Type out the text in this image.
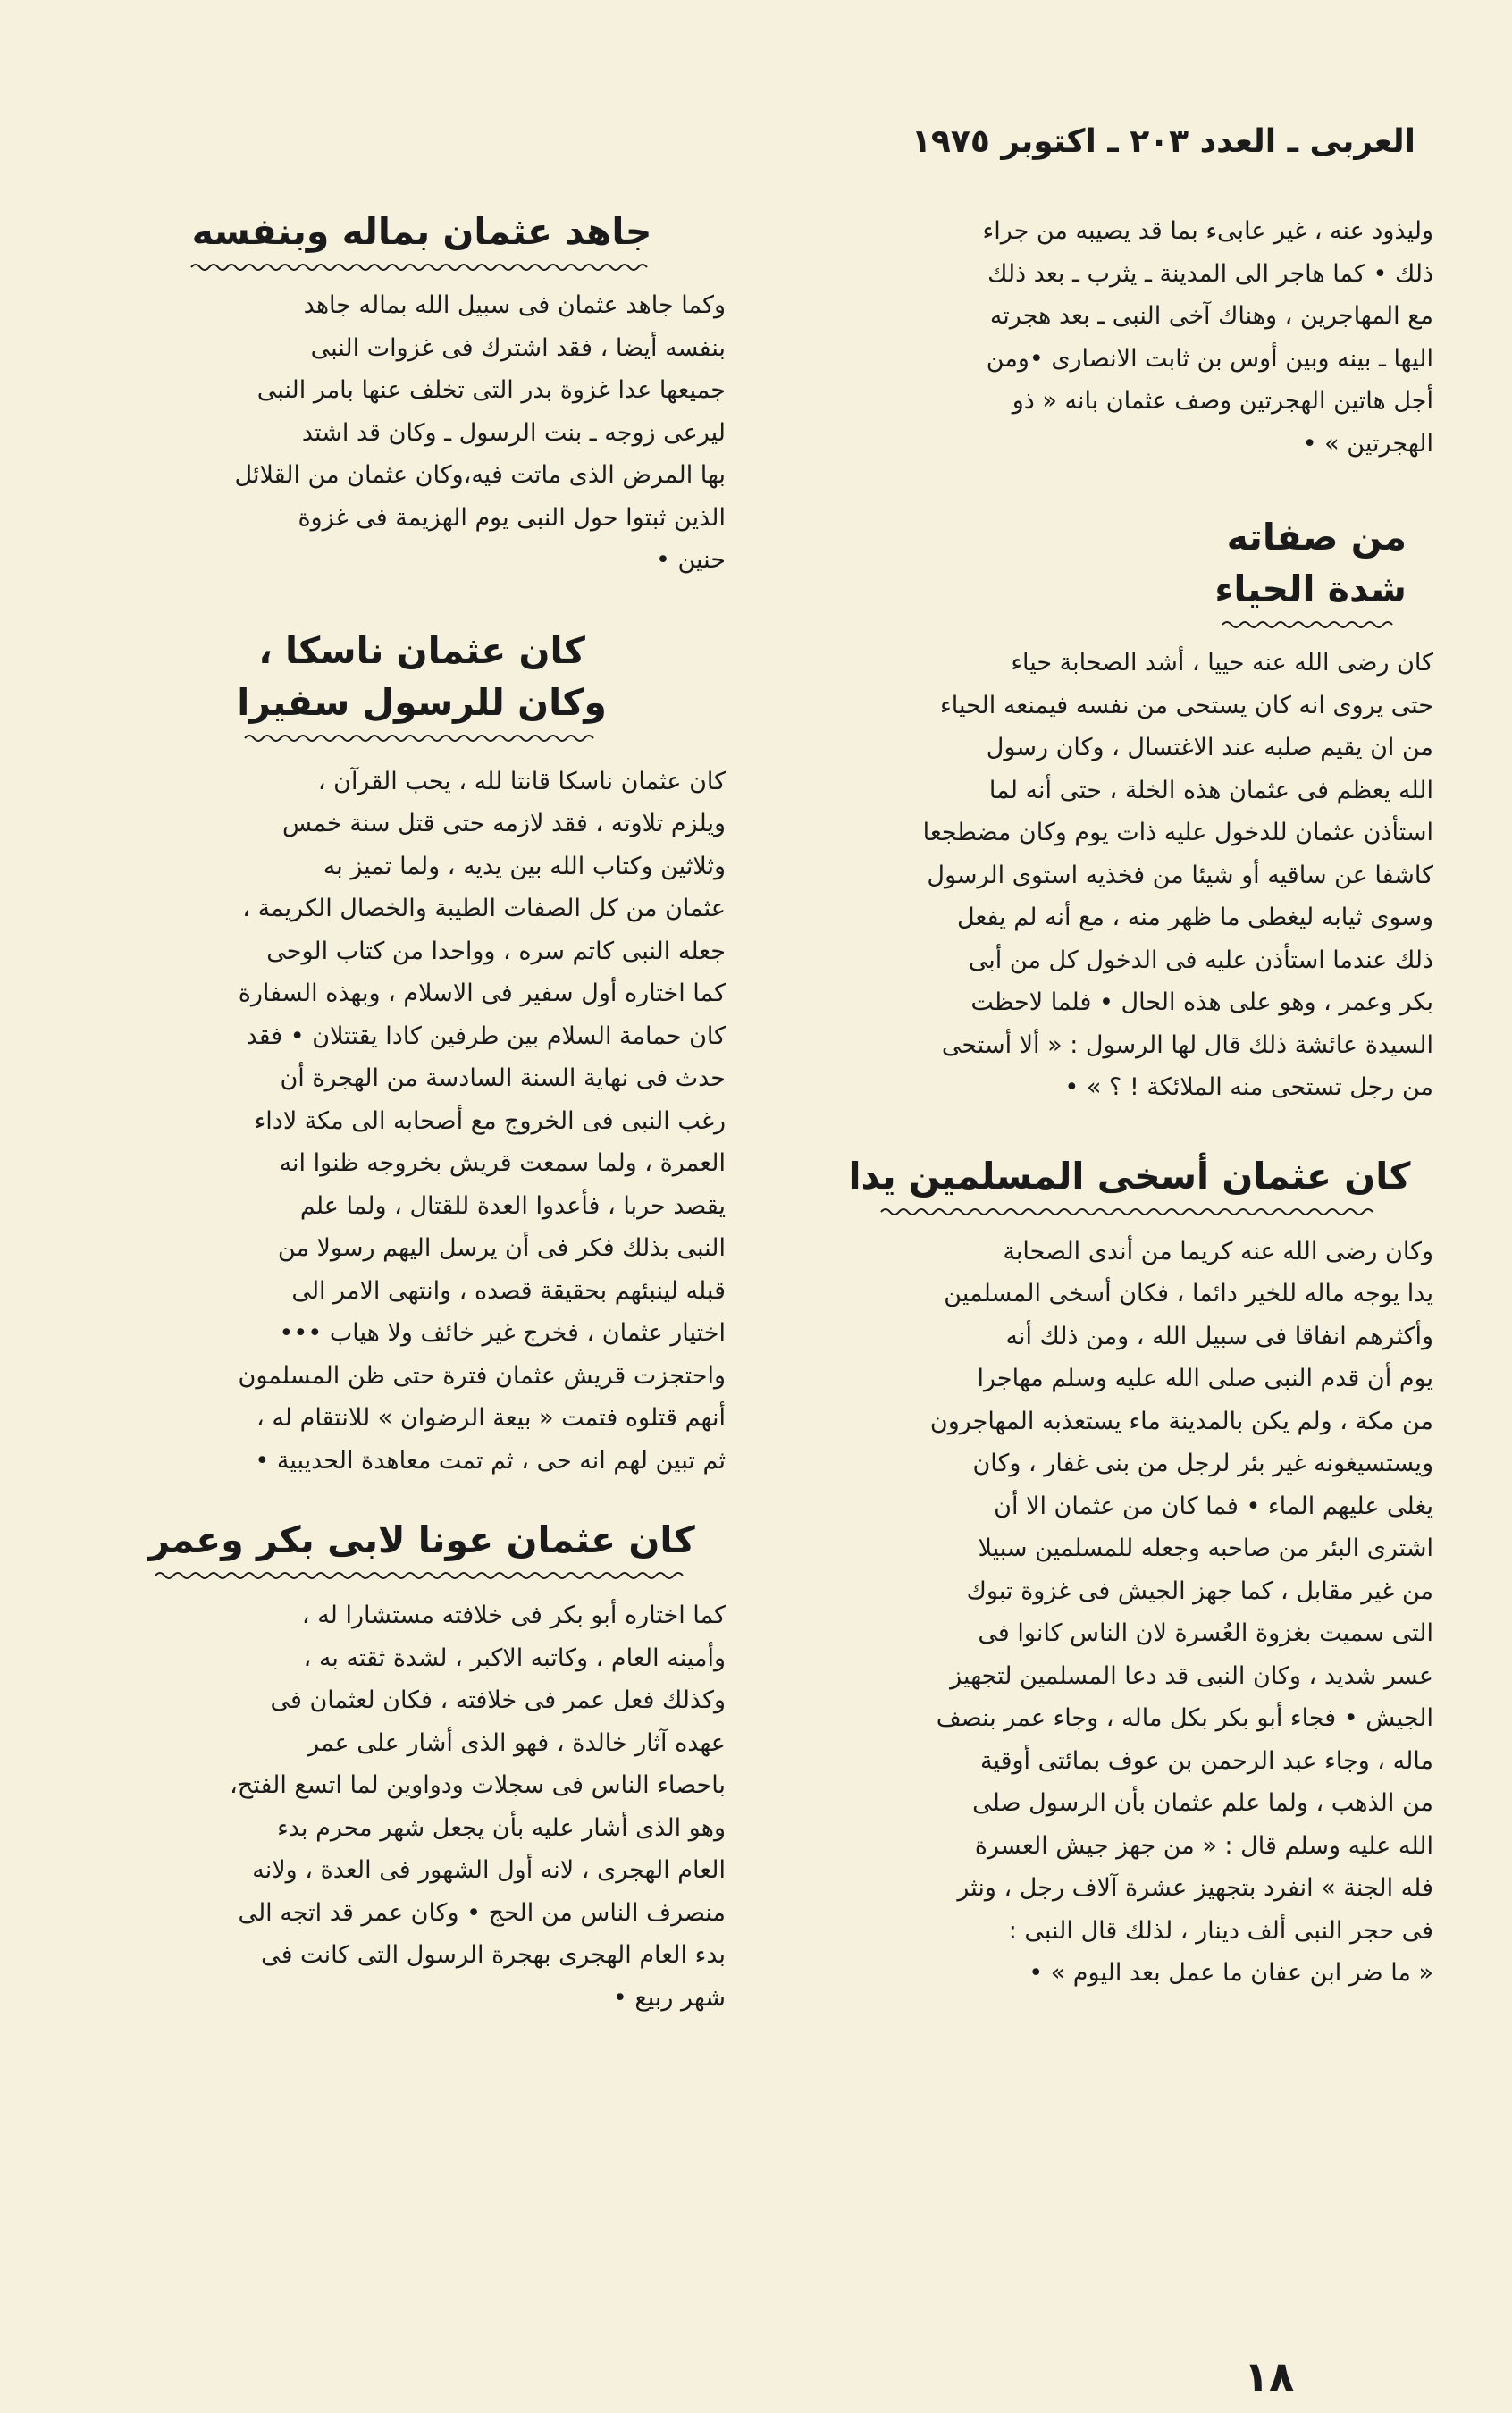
العربى ـ العدد ٢٠٣ ـ اكتوبر ١٩٧٥

وليذود عنه ، غير عابىء بما قد يصيبه من جراء
ذلك • كما هاجر الى المدينة ـ يثرب ـ بعد ذلك
مع المهاجرين ، وهناك آخى النبى ـ بعد هجرته
اليها ـ بينه وبين أوس بن ثابت الانصارى •ومن
أجل هاتين الهجرتين وصف عثمان بانه « ذو
الهجرتين » •

من صفاته
شدة الحياء

كان رضى الله عنه حييا ، أشد الصحابة حياء
حتى يروى انه كان يستحى من نفسه فيمنعه الحياء
من ان يقيم صلبه عند الاغتسال ، وكان رسول
الله يعظم فى عثمان هذه الخلة ، حتى أنه لما
استأذن عثمان للدخول عليه ذات يوم وكان مضطجعا
كاشفا عن ساقيه أو شيئا من فخذيه استوى الرسول
وسوى ثيابه ليغطى ما ظهر منه ، مع أنه لم يفعل
ذلك عندما استأذن عليه فى الدخول كل من أبى
بكر وعمر ، وهو على هذه الحال • فلما لاحظت
السيدة عائشة ذلك قال لها الرسول : « ألا أستحى
من رجل تستحى منه الملائكة ! ؟ » •

كان عثمان أسخى المسلمين يدا

وكان رضى الله عنه كريما من أندى الصحابة
يدا يوجه ماله للخير دائما ، فكان أسخى المسلمين
وأكثرهم انفاقا فى سبيل الله ، ومن ذلك أنه
يوم أن قدم النبى صلى الله عليه وسلم مهاجرا
من مكة ، ولم يكن بالمدينة ماء يستعذبه المهاجرون
ويستسيغونه غير بئر لرجل من بنى غفار ، وكان
يغلى عليهم الماء • فما كان من عثمان الا أن
اشترى البئر من صاحبه وجعله للمسلمين سبيلا
من غير مقابل ، كما جهز الجيش فى غزوة تبوك
التى سميت بغزوة العُسرة لان الناس كانوا فى
عسر شديد ، وكان النبى قد دعا المسلمين لتجهيز
الجيش • فجاء أبو بكر بكل ماله ، وجاء عمر بنصف
ماله ، وجاء عبد الرحمن بن عوف بمائتى أوقية
من الذهب ، ولما علم عثمان بأن الرسول صلى
الله عليه وسلم قال : « من جهز جيش العسرة
فله الجنة » انفرد بتجهيز عشرة آلاف رجل ، ونثر
فى حجر النبى ألف دينار ، لذلك قال النبى :
« ما ضر ابن عفان ما عمل بعد اليوم » •

جاهد عثمان بماله وبنفسه

وكما جاهد عثمان فى سبيل الله بماله جاهد
بنفسه أيضا ، فقد اشترك فى غزوات النبى
جميعها عدا غزوة بدر التى تخلف عنها بامر النبى
ليرعى زوجه ـ بنت الرسول ـ وكان قد اشتد
بها المرض الذى ماتت فيه،وكان عثمان من القلائل
الذين ثبتوا حول النبى يوم الهزيمة فى غزوة
حنين •

كان عثمان ناسكا ،
وكان للرسول سفيرا

كان عثمان ناسكا قانتا لله ، يحب القرآن ،
ويلزم تلاوته ، فقد لازمه حتى قتل سنة خمس
وثلاثين وكتاب الله بين يديه ، ولما تميز به
عثمان من كل الصفات الطيبة والخصال الكريمة ،
جعله النبى كاتم سره ، وواحدا من كتاب الوحى
كما اختاره أول سفير فى الاسلام ، وبهذه السفارة
كان حمامة السلام بين طرفين كادا يقتتلان • فقد
حدث فى نهاية السنة السادسة من الهجرة أن
رغب النبى فى الخروج مع أصحابه الى مكة لاداء
العمرة ، ولما سمعت قريش بخروجه ظنوا انه
يقصد حربا ، فأعدوا العدة للقتال ، ولما علم
النبى بذلك فكر فى أن يرسل اليهم رسولا من
قبله لينبئهم بحقيقة قصده ، وانتهى الامر الى
اختيار عثمان ، فخرج غير خائف ولا هياب •••
واحتجزت قريش عثمان فترة حتى ظن المسلمون
أنهم قتلوه فتمت « بيعة الرضوان » للانتقام له ،
ثم تبين لهم انه حى ، ثم تمت معاهدة الحديبية •

كان عثمان عونا لابى بكر وعمر

كما اختاره أبو بكر فى خلافته مستشارا له ،
وأمينه العام ، وكاتبه الاكبر ، لشدة ثقته به ،
وكذلك فعل عمر فى خلافته ، فكان لعثمان فى
عهده آثار خالدة ، فهو الذى أشار على عمر
باحصاء الناس فى سجلات ودواوين لما اتسع الفتح،
وهو الذى أشار عليه بأن يجعل شهر محرم بدء
العام الهجرى ، لانه أول الشهور فى العدة ، ولانه
منصرف الناس من الحج • وكان عمر قد اتجه الى
بدء العام الهجرى بهجرة الرسول التى كانت فى
شهر ربيع •

١٨
